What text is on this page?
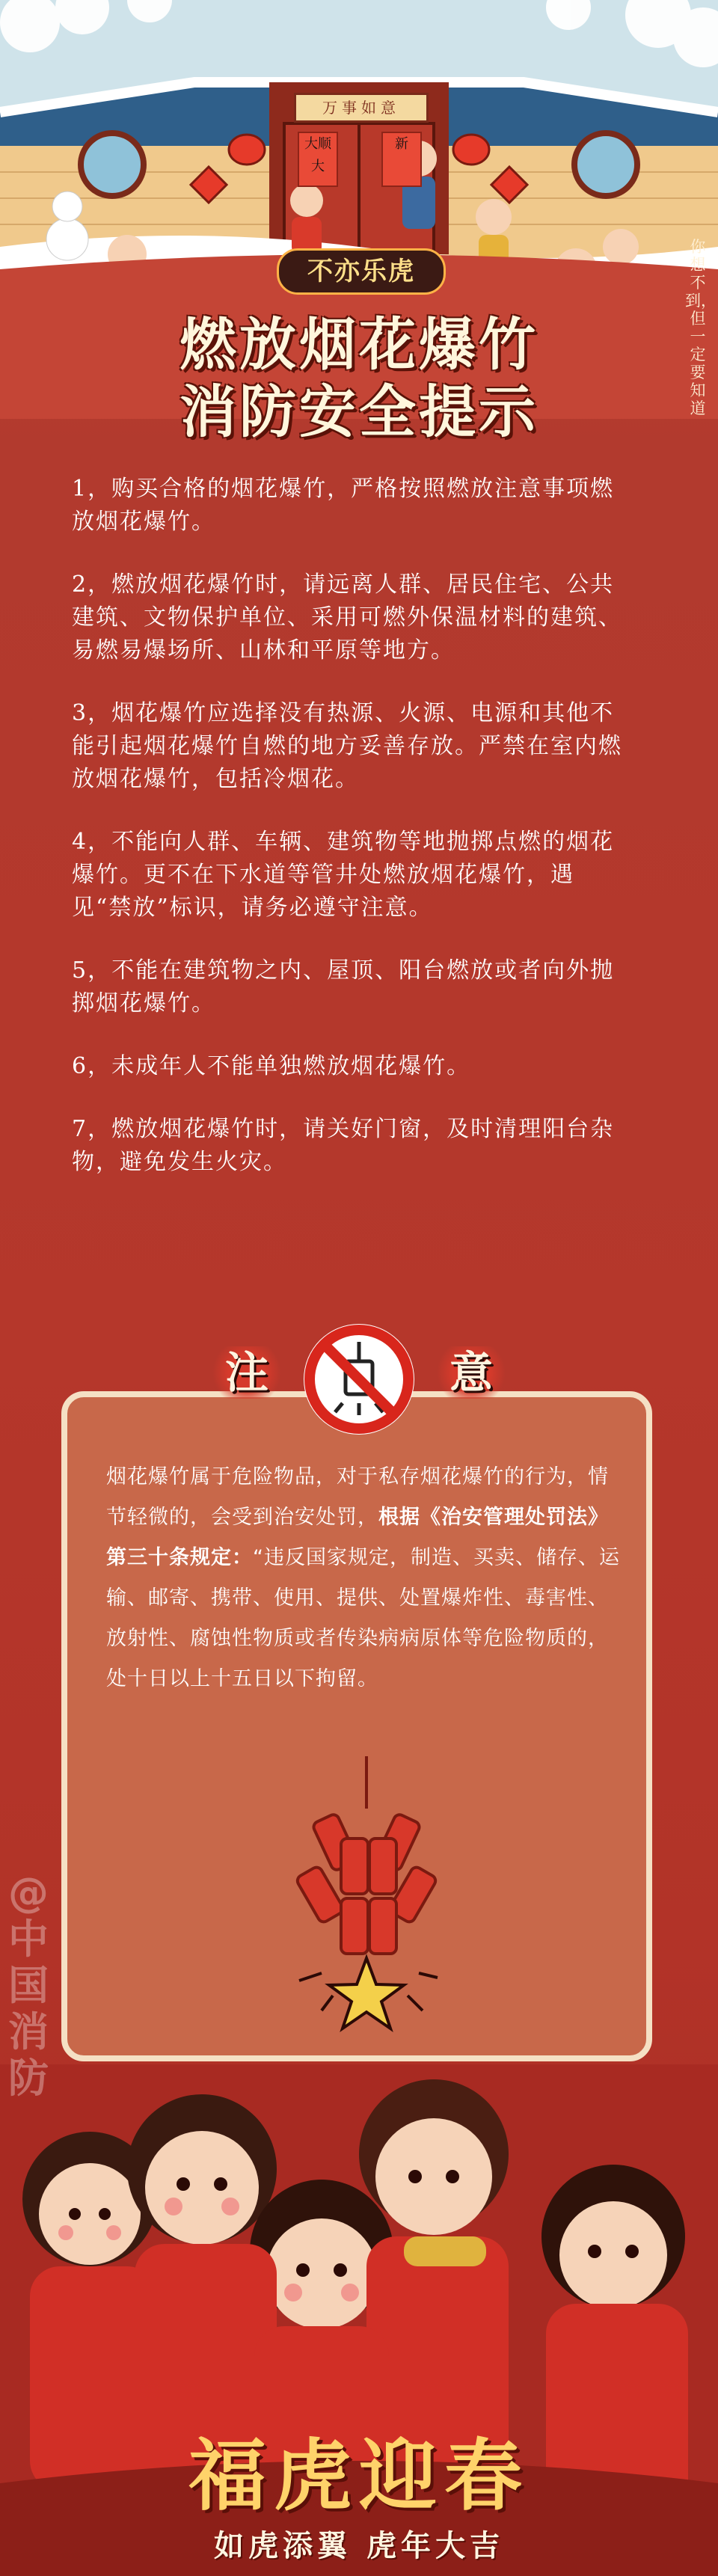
万事如意
大顺大
新
不亦乐虎
燃放烟花爆竹
消防安全提示
你想不到，但一定要知道

1，购买合格的烟花爆竹，严格按照燃放注意事项燃放烟花爆竹。

2，燃放烟花爆竹时，请远离人群、居民住宅、公共建筑、文物保护单位、采用可燃外保温材料的建筑、易燃易爆场所、山林和平原等地方。

3，烟花爆竹应选择没有热源、火源、电源和其他不能引起烟花爆竹自燃的地方妥善存放。严禁在室内燃放烟花爆竹，包括冷烟花。

4，不能向人群、车辆、建筑物等地抛掷点燃的烟花爆竹。更不在下水道等管井处燃放烟花爆竹，遇见“禁放”标识，请务必遵守注意。

5，不能在建筑物之内、屋顶、阳台燃放或者向外抛掷烟花爆竹。

6，未成年人不能单独燃放烟花爆竹。

7，燃放烟花爆竹时，请关好门窗，及时清理阳台杂物，避免发生火灾。

烟花爆竹属于危险物品，对于私存烟花爆竹的行为，情节轻微的，会受到治安处罚，根据《治安管理处罚法》第三十条规定：“违反国家规定，制造、买卖、储存、运输、邮寄、携带、使用、提供、处置爆炸性、毒害性、放射性、腐蚀性物质或者传染病病原体等危险物质的，处十日以上十五日以下拘留。
注	意
@中国消防
福虎迎春
如虎添翼 虎年大吉
